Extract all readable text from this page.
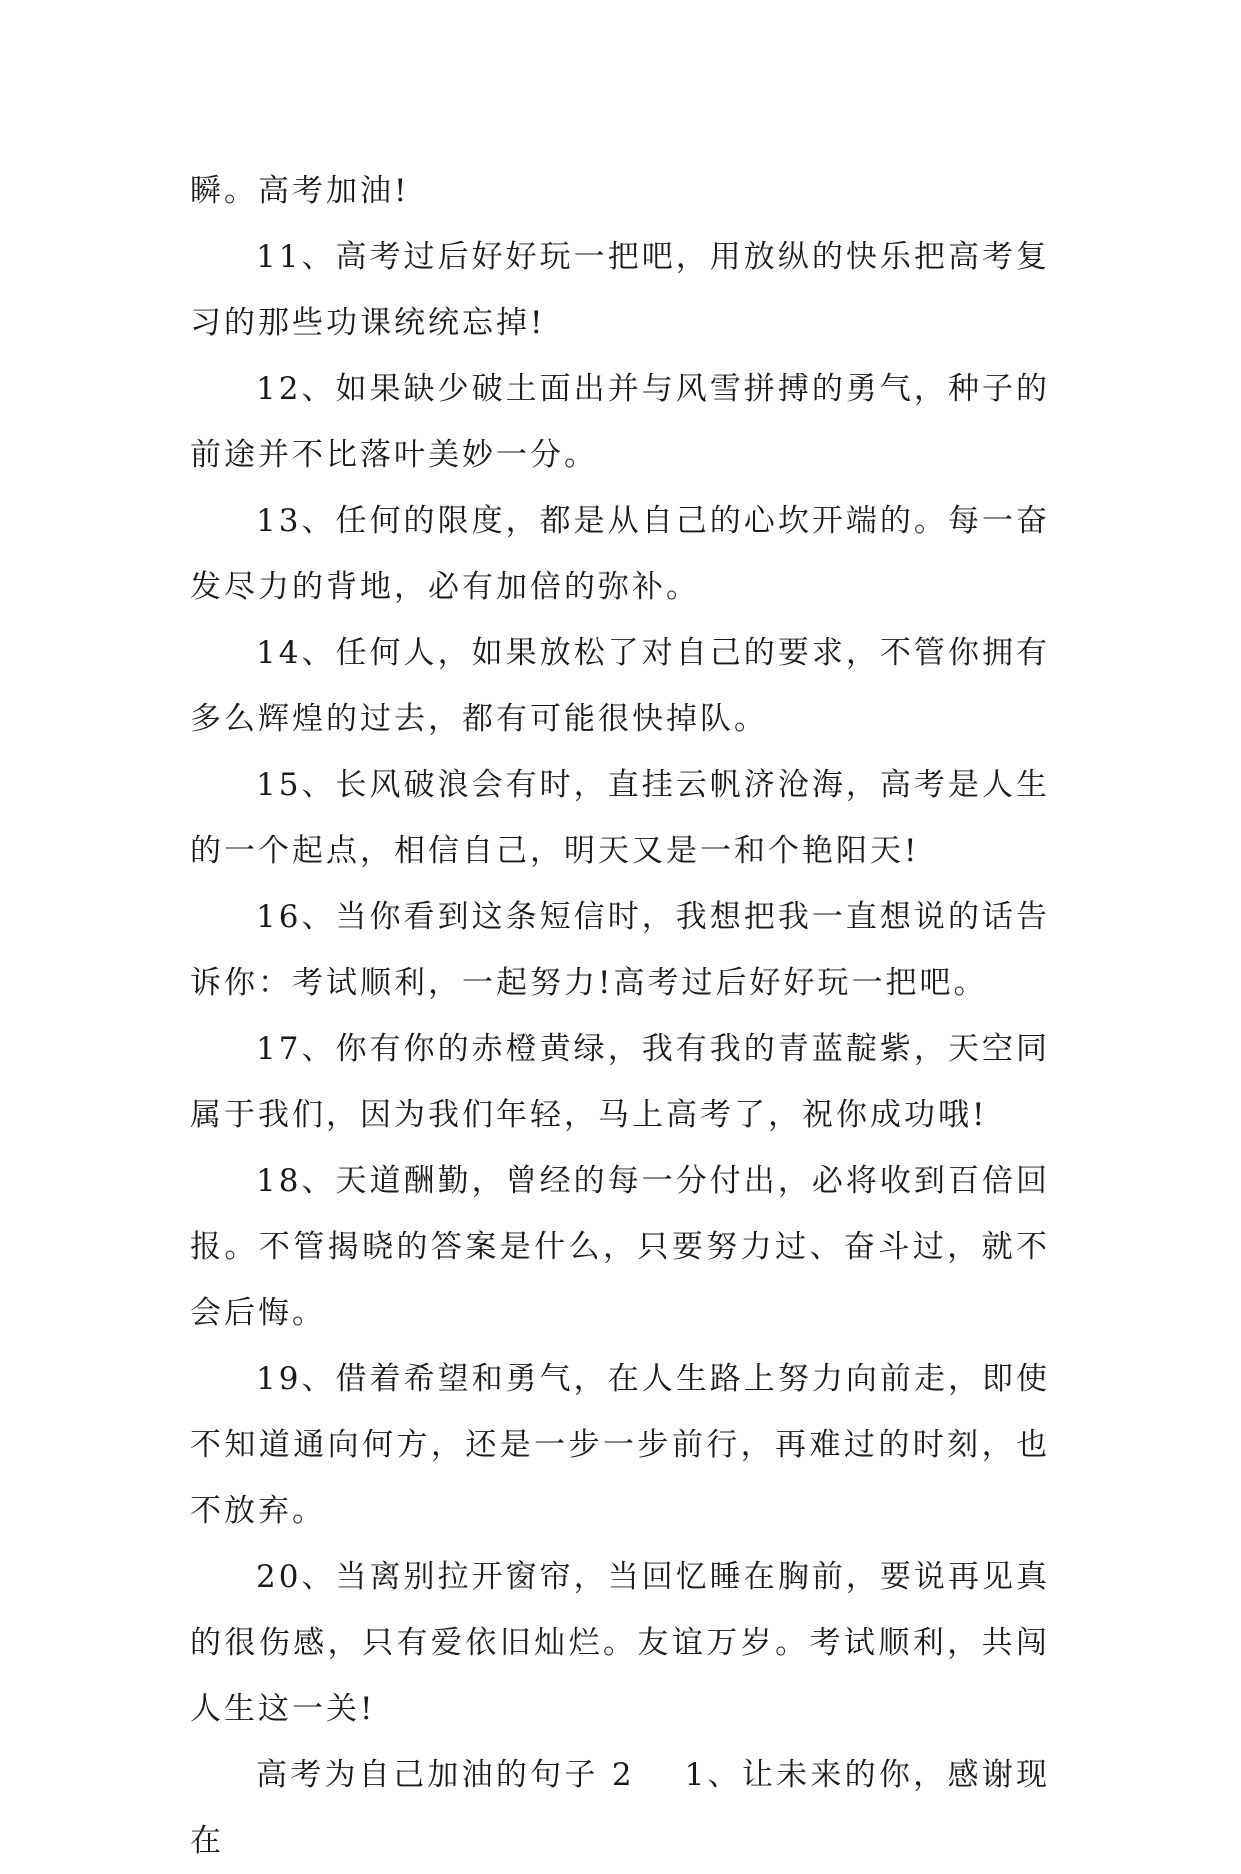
瞬。高考加油!

11、高考过后好好玩一把吧，用放纵的快乐把高考复习的那些功课统统忘掉!

12、如果缺少破土面出并与风雪拼搏的勇气，种子的前途并不比落叶美妙一分。

13、任何的限度，都是从自己的心坎开端的。每一奋发尽力的背地，必有加倍的弥补。

14、任何人，如果放松了对自己的要求，不管你拥有多么辉煌的过去，都有可能很快掉队。

15、长风破浪会有时，直挂云帆济沧海，高考是人生的一个起点，相信自己，明天又是一和个艳阳天!

16、当你看到这条短信时，我想把我一直想说的话告诉你：考试顺利，一起努力!高考过后好好玩一把吧。

17、你有你的赤橙黄绿，我有我的青蓝靛紫，天空同属于我们，因为我们年轻，马上高考了，祝你成功哦!

18、天道酬勤，曾经的每一分付出，必将收到百倍回报。不管揭晓的答案是什么，只要努力过、奋斗过，就不会后悔。

19、借着希望和勇气，在人生路上努力向前走，即使不知道通向何方，还是一步一步前行，再难过的时刻，也不放弃。

20、当离别拉开窗帘，当回忆睡在胸前，要说再见真的很伤感，只有爱依旧灿烂。友谊万岁。考试顺利，共闯人生这一关!

高考为自己加油的句子 2 1、让未来的你，感谢现在
